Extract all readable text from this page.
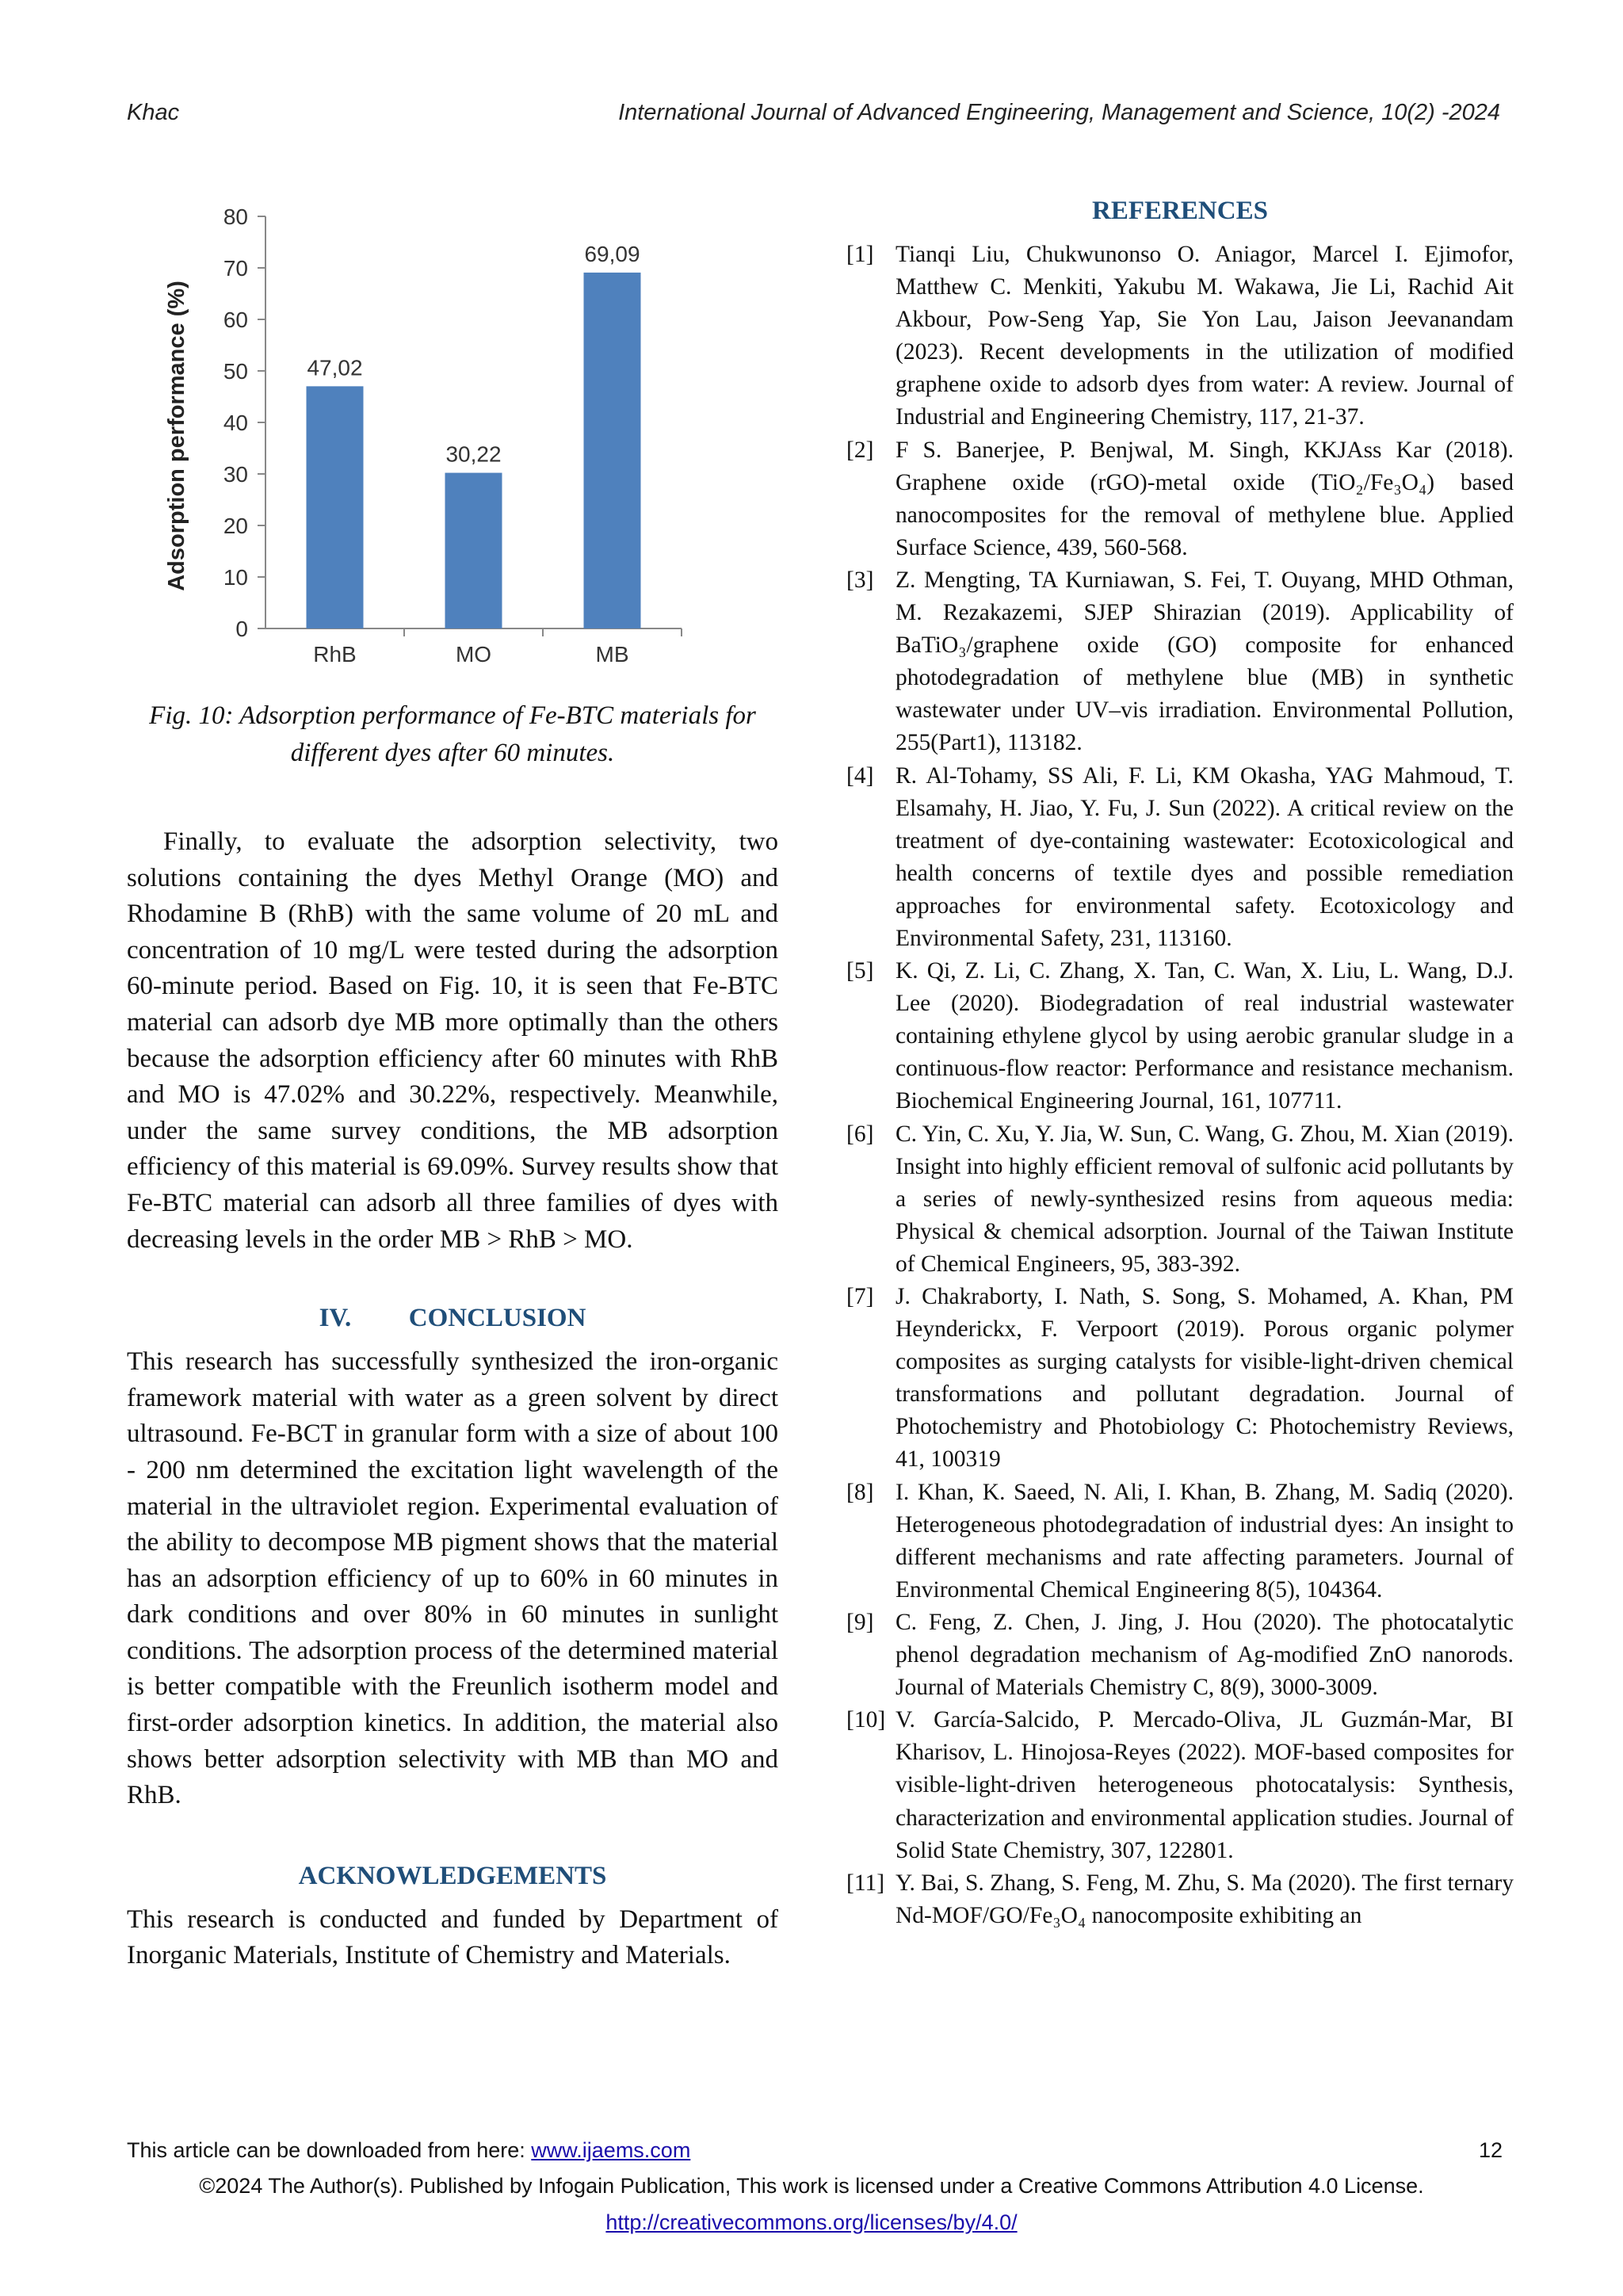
Khac	International Journal of Advanced Engineering, Management and Science, 10(2) -2024
0
10
20
30
40
50
60
70
80
47,02
RhB
30,22
MO
69,09
MB
Adsorption performance (%)
Fig. 10: Adsorption performance of Fe-BTC materials for different dyes after 60 minutes.

Finally, to evaluate the adsorption selectivity, two solutions containing the dyes Methyl Orange (MO) and Rhodamine B (RhB) with the same volume of 20 mL and concentration of 10 mg/L were tested during the adsorption 60-minute period. Based on Fig. 10, it is seen that Fe-BTC material can adsorb dye MB more optimally than the others because the adsorption efficiency after 60 minutes with RhB and MO is 47.02% and 30.22%, respectively. Meanwhile, under the same survey conditions, the MB adsorption efficiency of this material is 69.09%. Survey results show that Fe-BTC material can adsorb all three families of dyes with decreasing levels in the order MB > RhB > MO.

IV. CONCLUSION

This research has successfully synthesized the iron-organic framework material with water as a green solvent by direct ultrasound. Fe-BCT in granular form with a size of about 100 - 200 nm determined the excitation light wavelength of the material in the ultraviolet region. Experimental evaluation of the ability to decompose MB pigment shows that the material has an adsorption efficiency of up to 60% in 60 minutes in dark conditions and over 80% in 60 minutes in sunlight conditions. The adsorption process of the determined material is better compatible with the Freunlich isotherm model and first-order adsorption kinetics. In addition, the material also shows better adsorption selectivity with MB than MO and RhB.

ACKNOWLEDGEMENTS

This research is conducted and funded by Department of Inorganic Materials, Institute of Chemistry and Materials.

REFERENCES
[1] Tianqi Liu, Chukwunonso O. Aniagor, Marcel I. Ejimofor, Matthew C. Menkiti, Yakubu M. Wakawa, Jie Li, Rachid Ait Akbour, Pow-Seng Yap, Sie Yon Lau, Jaison Jeevanandam (2023). Recent developments in the utilization of modified graphene oxide to adsorb dyes from water: A review. Journal of Industrial and Engineering Chemistry, 117, 21-37.
[2] F S. Banerjee, P. Benjwal, M. Singh, KKJAss Kar (2018). Graphene oxide (rGO)-metal oxide (TiO₂/Fe₃O₄) based nanocomposites for the removal of methylene blue. Applied Surface Science, 439, 560-568.
[3] Z. Mengting, TA Kurniawan, S. Fei, T. Ouyang, MHD Othman, M. Rezakazemi, SJEP Shirazian (2019). Applicability of BaTiO₃/graphene oxide (GO) composite for enhanced photodegradation of methylene blue (MB) in synthetic wastewater under UV–vis irradiation. Environmental Pollution, 255(Part1), 113182.
[4] R. Al-Tohamy, SS Ali, F. Li, KM Okasha, YAG Mahmoud, T. Elsamahy, H. Jiao, Y. Fu, J. Sun (2022). A critical review on the treatment of dye-containing wastewater: Ecotoxicological and health concerns of textile dyes and possible remediation approaches for environmental safety. Ecotoxicology and Environmental Safety, 231, 113160.
[5] K. Qi, Z. Li, C. Zhang, X. Tan, C. Wan, X. Liu, L. Wang, D.J. Lee (2020). Biodegradation of real industrial wastewater containing ethylene glycol by using aerobic granular sludge in a continuous-flow reactor: Performance and resistance mechanism. Biochemical Engineering Journal, 161, 107711.
[6] C. Yin, C. Xu, Y. Jia, W. Sun, C. Wang, G. Zhou, M. Xian (2019). Insight into highly efficient removal of sulfonic acid pollutants by a series of newly-synthesized resins from aqueous media: Physical & chemical adsorption. Journal of the Taiwan Institute of Chemical Engineers, 95, 383-392.
[7] J. Chakraborty, I. Nath, S. Song, S. Mohamed, A. Khan, PM Heynderickx, F. Verpoort (2019). Porous organic polymer composites as surging catalysts for visible-light-driven chemical transformations and pollutant degradation. Journal of Photochemistry and Photobiology C: Photochemistry Reviews, 41, 100319
[8] I. Khan, K. Saeed, N. Ali, I. Khan, B. Zhang, M. Sadiq (2020). Heterogeneous photodegradation of industrial dyes: An insight to different mechanisms and rate affecting parameters. Journal of Environmental Chemical Engineering 8(5), 104364.
[9] C. Feng, Z. Chen, J. Jing, J. Hou (2020). The photocatalytic phenol degradation mechanism of Ag-modified ZnO nanorods. Journal of Materials Chemistry C, 8(9), 3000-3009.
[10] V. García-Salcido, P. Mercado-Oliva, JL Guzmán-Mar, BI Kharisov, L. Hinojosa-Reyes (2022). MOF-based composites for visible-light-driven heterogeneous photocatalysis: Synthesis, characterization and environmental application studies. Journal of Solid State Chemistry, 307, 122801.
[11] Y. Bai, S. Zhang, S. Feng, M. Zhu, S. Ma (2020). The first ternary Nd-MOF/GO/Fe₃O₄ nanocomposite exhibiting an
This article can be downloaded from here: www.ijaems.com	12
©2024 The Author(s). Published by Infogain Publication, This work is licensed under a Creative Commons Attribution 4.0 License.
http://creativecommons.org/licenses/by/4.0/
